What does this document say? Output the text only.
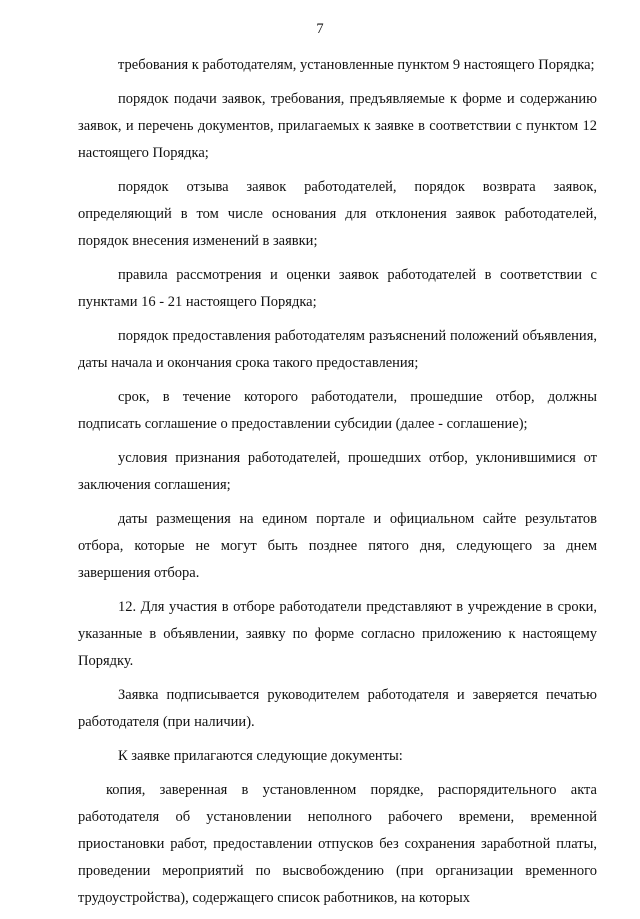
7

требования к работодателям, установленные пунктом 9 настоящего Порядка;

порядок подачи заявок, требования, предъявляемые к форме и содержанию заявок, и перечень документов, прилагаемых к заявке в соответствии с пунктом 12 настоящего Порядка;

порядок отзыва заявок работодателей, порядок возврата заявок, определяющий в том числе основания для отклонения заявок работодателей, порядок внесения изменений в заявки;

правила рассмотрения и оценки заявок работодателей в соответствии с пунктами 16 - 21 настоящего Порядка;

порядок предоставления работодателям разъяснений положений объявления, даты начала и окончания срока такого предоставления;

срок, в течение которого работодатели, прошедшие отбор, должны подписать соглашение о предоставлении субсидии (далее - соглашение);

условия признания работодателей, прошедших отбор, уклонившимися от заключения соглашения;

даты размещения на едином портале и официальном сайте результатов отбора, которые не могут быть позднее пятого дня, следующего за днем завершения отбора.

12. Для участия в отборе работодатели представляют в учреждение в сроки, указанные в объявлении, заявку по форме согласно приложению к настоящему Порядку.

Заявка подписывается руководителем работодателя и заверяется печатью работодателя (при наличии).

К заявке прилагаются следующие документы:

копия, заверенная в установленном порядке, распорядительного акта работодателя об установлении неполного рабочего времени, временной приостановки работ, предоставлении отпусков без сохранения заработной платы, проведении мероприятий по высвобождению (при организации временного трудоустройства), содержащего список работников, на которых
